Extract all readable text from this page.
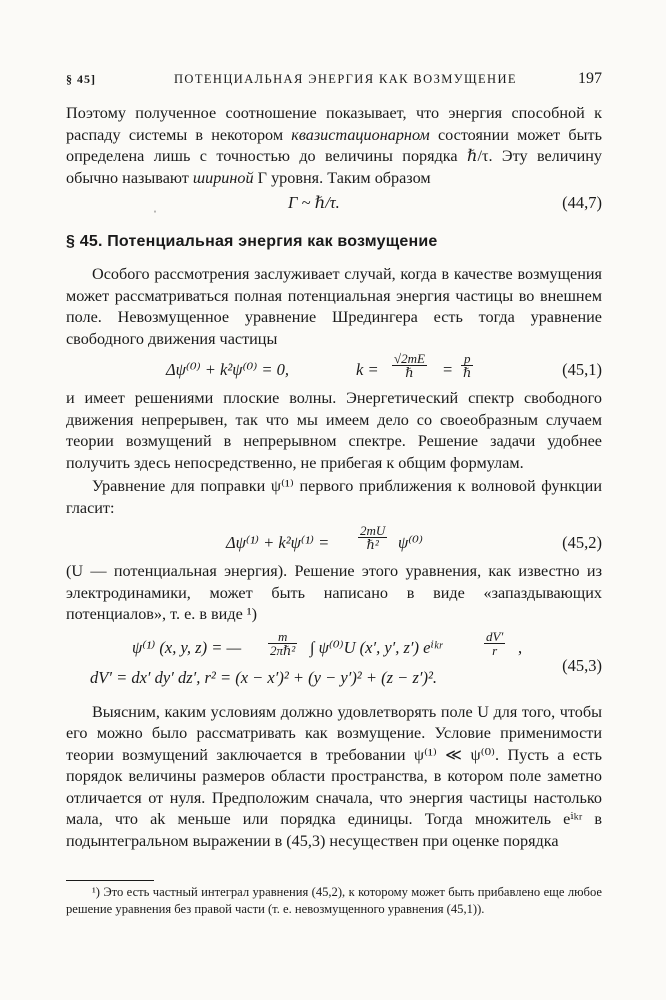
§ 45]	ПОТЕНЦИАЛЬНАЯ ЭНЕРГИЯ КАК ВОЗМУЩЕНИЕ	197
ˈ

Поэтому полученное соотношение показывает, что энергия способной к распаду системы в некотором квазистационарном состоянии может быть определена лишь с точностью до величины порядка ℏ/τ. Эту величину обычно называют шириной Γ уровня. Таким образом

Γ ~ ℏ/τ.	(44,7)
§ 45. Потенциальная энергия как возмущение

Особого рассмотрения заслуживает случай, когда в качестве возмущения может рассматриваться полная потенциальная энергия частицы во внешнем поле. Невозмущенное уравнение Шредингера есть тогда уравнение свободного движения частицы

Δψ⁽⁰⁾ + k²ψ⁽⁰⁾ = 0,	$k = \frac{√2mE}{\text{ℏ}} = \frac{p}{\text{ℏ}}$	(45,1)

и имеет решениями плоские волны. Энергетический спектр свободного движения непрерывен, так что мы имеем дело со своеобразным случаем теории возмущений в непрерывном спектре. Решение задачи удобнее получить здесь непосредственно, не прибегая к общим формулам.

Уравнение для поправки ψ⁽¹⁾ первого приближения к волновой функции гласит:

$\Delta\psi^{(1)} + k^2\psi^{(1)} = \frac{2mU}{\text{ℏ²}} \psi^{(0)}$	(45,2)

(U — потенциальная энергия). Решение этого уравнения, как известно из электродинамики, может быть написано в виде «запаздывающих потенциалов», т. е. в виде ¹)

ψ⁽¹⁾ (x, y, z) = — $\frac{m}{\text{2πℏ²}}$ ∫ ψ⁽⁰⁾U (x′, y′, z′) eⁱᵏʳ	$\frac{dV'}{r}$ ,
dV′ = dx′ dy′ dz′, r² = (x − x′)² + (y − y′)² + (z − z′)².
(45,3)

Выясним, каким условиям должно удовлетворять поле U для того, чтобы его можно было рассматривать как возмущение. Условие применимости теории возмущений заключается в требовании ψ⁽¹⁾ ≪ ψ⁽⁰⁾. Пусть a есть порядок величины размеров области пространства, в котором поле заметно отличается от нуля. Предположим сначала, что энергия частицы настолько мала, что ak меньше или порядка единицы. Тогда множитель eⁱᵏʳ в подынтегральном выражении в (45,3) несуществен при оценке порядка

¹) Это есть частный интеграл уравнения (45,2), к которому может быть прибавлено еще любое решение уравнения без правой части (т. е. невозмущенного уравнения (45,1)).
